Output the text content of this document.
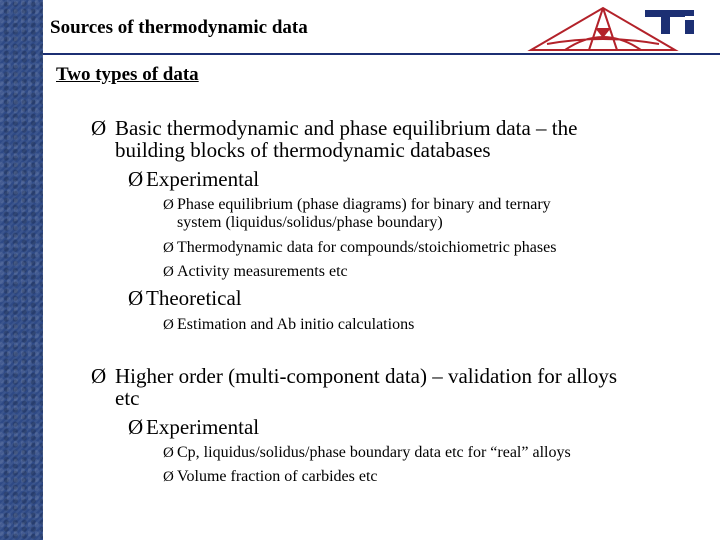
Sources of thermodynamic data
Two types of data
Ø Basic thermodynamic and phase equilibrium data – the
building blocks of thermodynamic databases
Ø Experimental
Ø Phase equilibrium (phase diagrams) for binary and ternary
system (liquidus/solidus/phase boundary)
Ø Thermodynamic data for compounds/stoichiometric phases
Ø Activity measurements etc
Ø Theoretical
Ø Estimation and Ab initio calculations
Ø Higher order (multi-component data) – validation for alloys
etc
Ø Experimental
Ø Cp, liquidus/solidus/phase boundary data etc for “real” alloys
Ø Volume fraction of carbides etc
